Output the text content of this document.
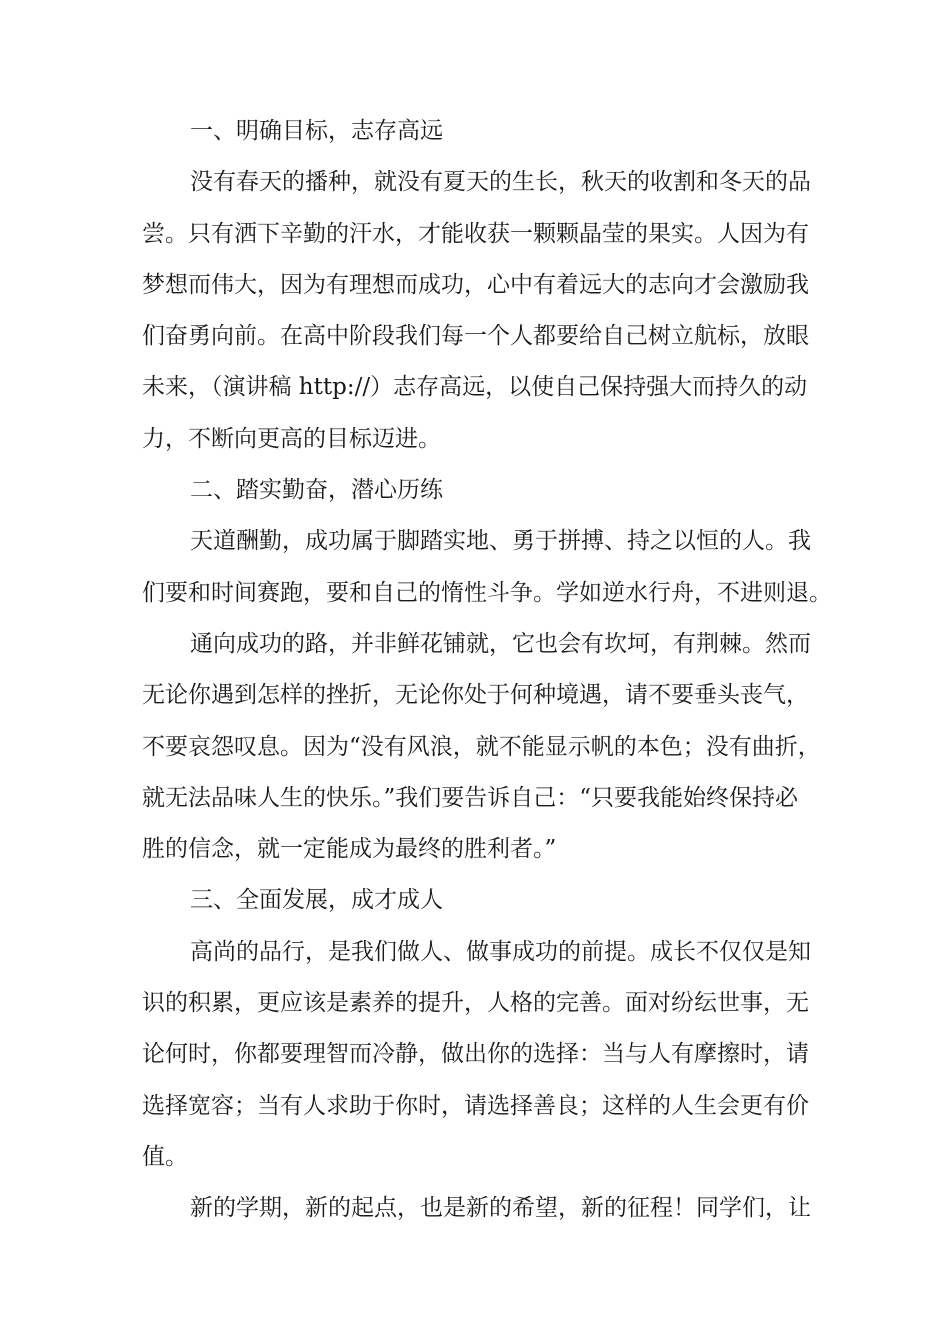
一、明确目标，志存高远

没有春天的播种，就没有夏天的生长，秋天的收割和冬天的品
尝。只有洒下辛勤的汗水，才能收获一颗颗晶莹的果实。人因为有
梦想而伟大，因为有理想而成功，心中有着远大的志向才会激励我
们奋勇向前。在高中阶段我们每一个人都要给自己树立航标，放眼
未来，（演讲稿 http://）志存高远，以使自己保持强大而持久的动
力，不断向更高的目标迈进。

二、踏实勤奋，潜心历练

天道酬勤，成功属于脚踏实地、勇于拼搏、持之以恒的人。我
们要和时间赛跑，要和自己的惰性斗争。学如逆水行舟，不进则退。

通向成功的路，并非鲜花铺就，它也会有坎坷，有荆棘。然而
无论你遇到怎样的挫折，无论你处于何种境遇，请不要垂头丧气，
不要哀怨叹息。因为“没有风浪，就不能显示帆的本色；没有曲折，
就无法品味人生的快乐。”我们要告诉自己：“只要我能始终保持必
胜的信念，就一定能成为最终的胜利者。”

三、全面发展，成才成人

高尚的品行，是我们做人、做事成功的前提。成长不仅仅是知
识的积累，更应该是素养的提升，人格的完善。面对纷纭世事，无
论何时，你都要理智而冷静，做出你的选择：当与人有摩擦时，请
选择宽容；当有人求助于你时，请选择善良；这样的人生会更有价
值。

新的学期，新的起点，也是新的希望，新的征程！同学们，让
